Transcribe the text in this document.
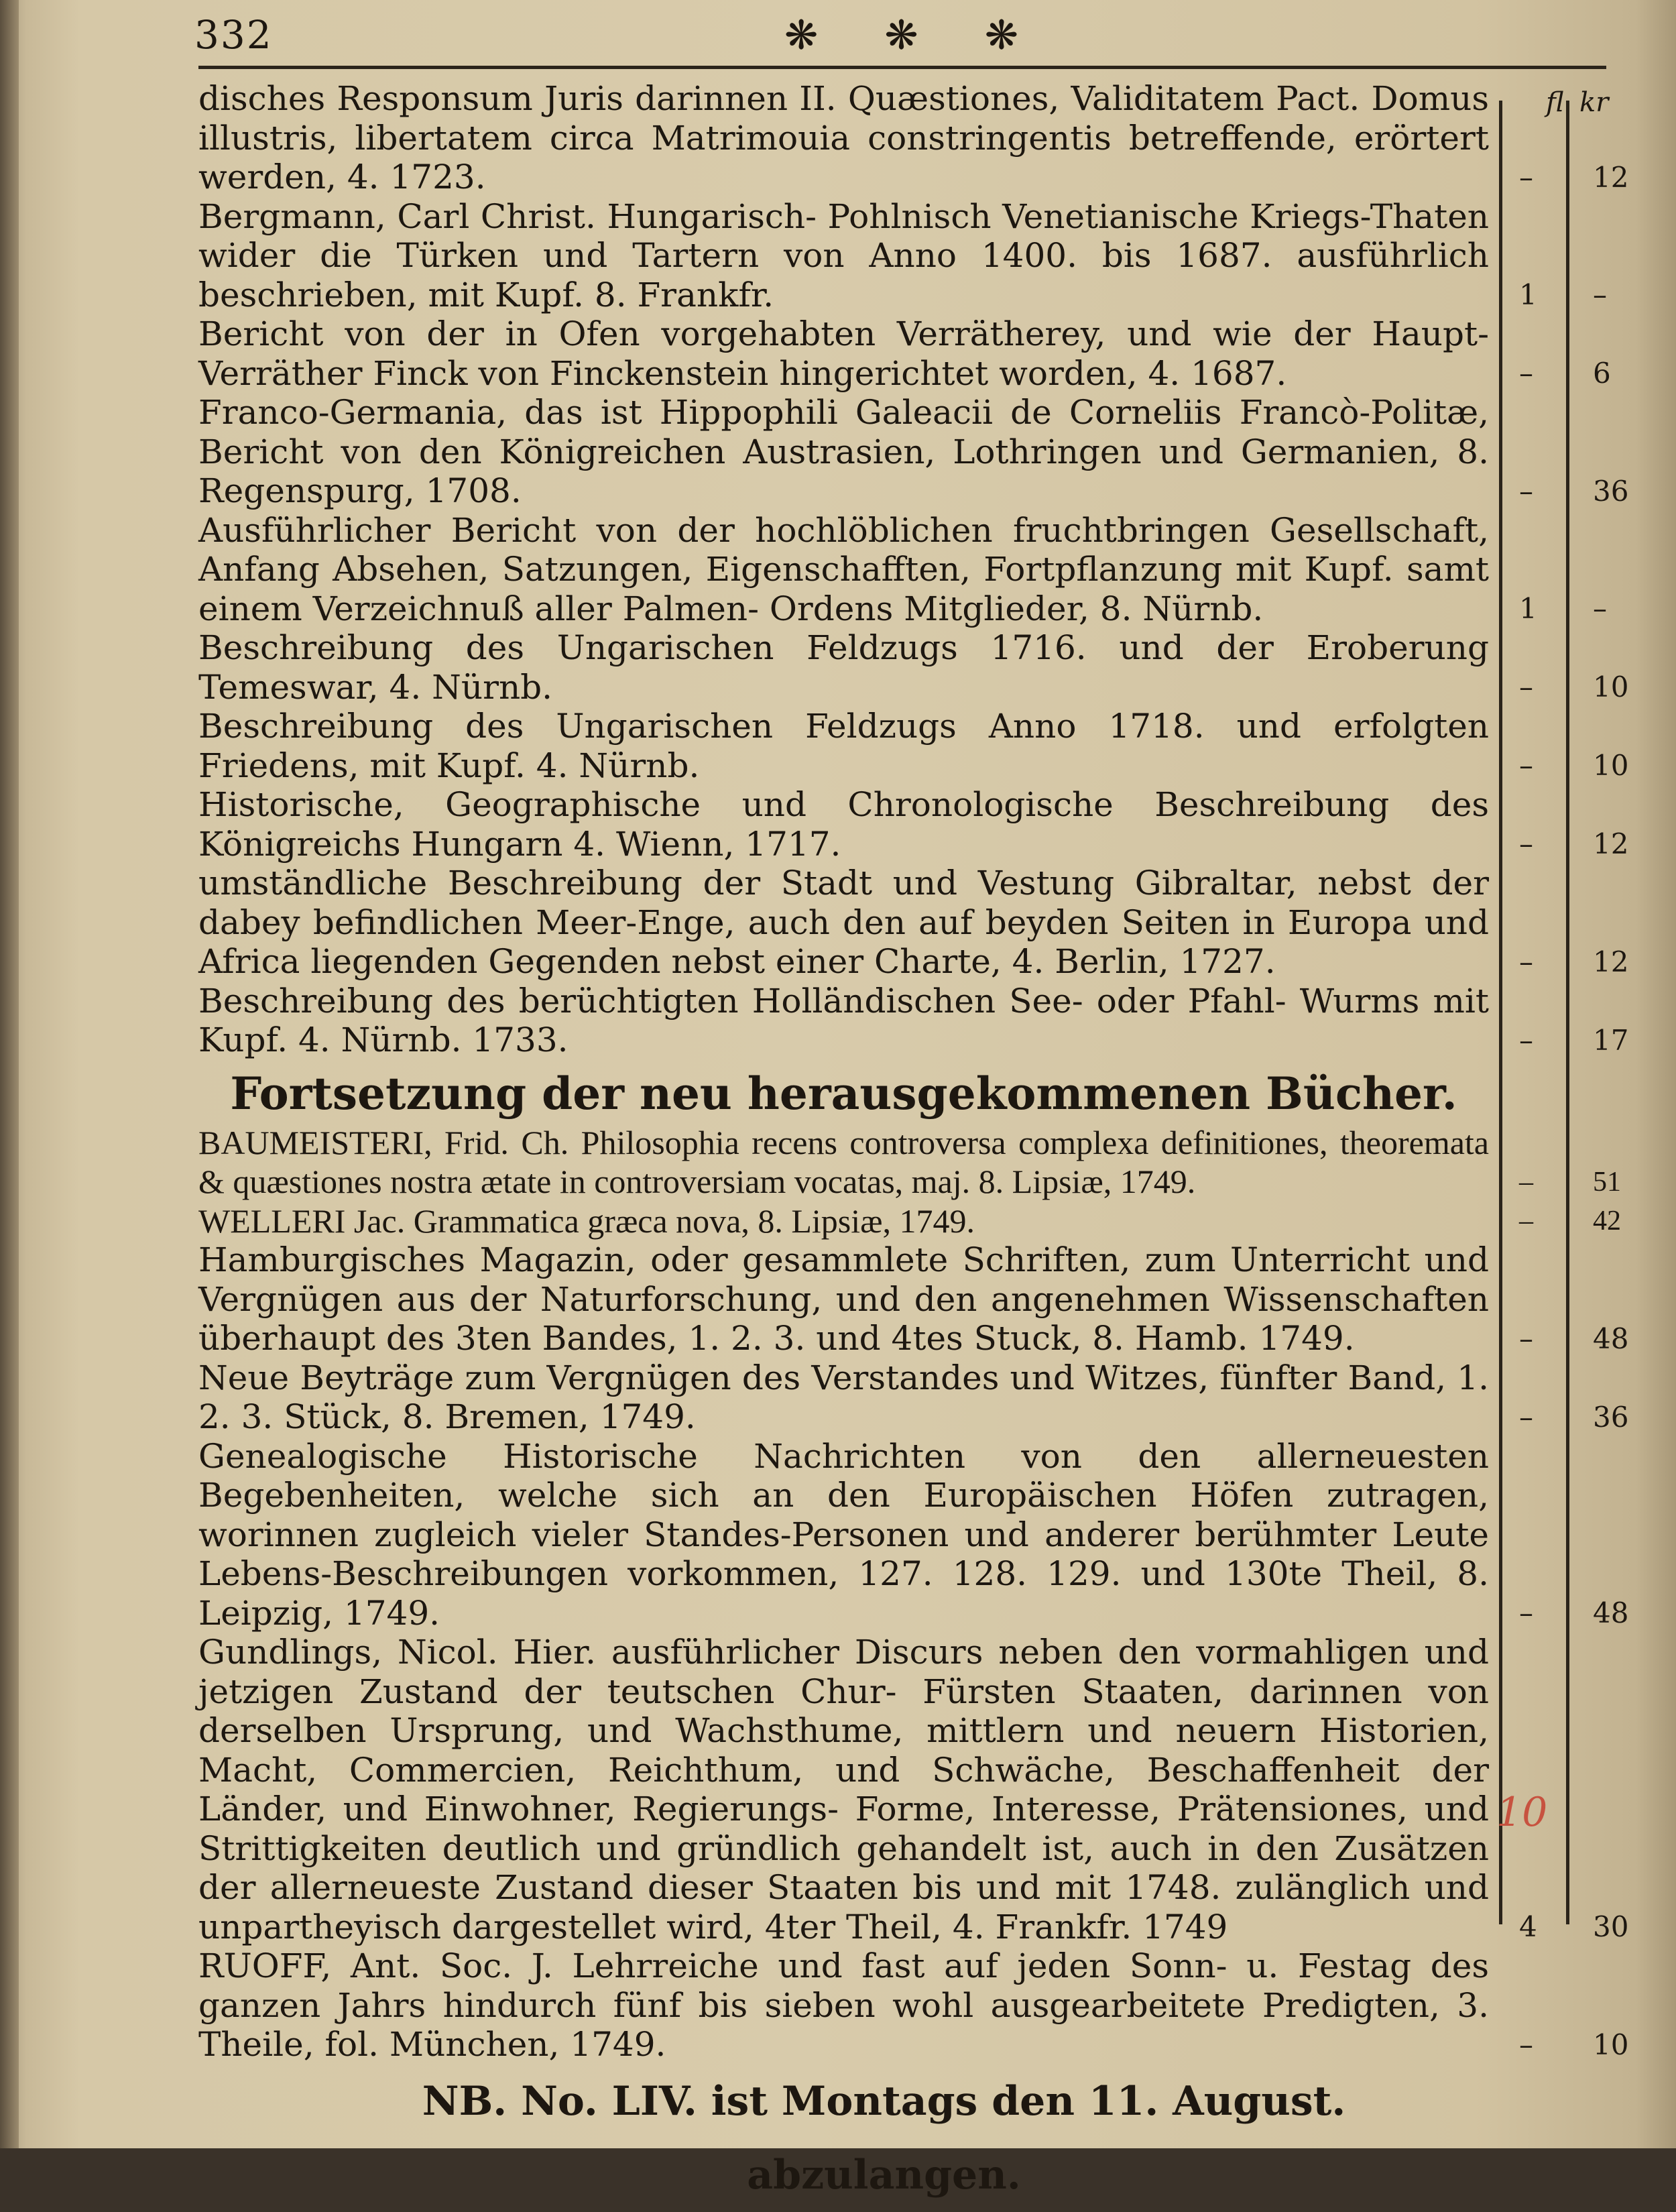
332	❋ ❋ ❋
fl kr

disches Responsum Juris darinnen II. Quæstiones, Validitatem Pact. Domus illustris, libertatem circa Matrimouia constringentis betreffende, erörtert werden, 4. 1723.	–	12

Bergmann, Carl Christ. Hungarisch- Pohlnisch Venetianische Kriegs-Thaten wider die Türken und Tartern von Anno 1400. bis 1687. ausführlich beschrieben, mit Kupf. 8. Frankfr.	1	–

Bericht von der in Ofen vorgehabten Verrätherey, und wie der Haupt-Verräther Finck von Finckenstein hingerichtet worden, 4. 1687.	–	6

Franco-Germania, das ist Hippophili Galeacii de Corneliis Francò-Politæ, Bericht von den Königreichen Austrasien, Lothringen und Germanien, 8. Regenspurg, 1708.	–	36

Ausführlicher Bericht von der hochlöblichen fruchtbringen Gesellschaft, Anfang Absehen, Satzungen, Eigenschafften, Fortpflanzung mit Kupf. samt einem Verzeichnuß aller Palmen- Ordens Mitglieder, 8. Nürnb.	1	–

Beschreibung des Ungarischen Feldzugs 1716. und der Eroberung Temeswar, 4. Nürnb.	–	10

Beschreibung des Ungarischen Feldzugs Anno 1718. und erfolgten Friedens, mit Kupf. 4. Nürnb.	–	10

Historische, Geographische und Chronologische Beschreibung des Königreichs Hungarn 4. Wienn, 1717.	–	12

umständliche Beschreibung der Stadt und Vestung Gibraltar, nebst der dabey befindlichen Meer-Enge, auch den auf beyden Seiten in Europa und Africa liegenden Gegenden nebst einer Charte, 4. Berlin, 1727.	–	12

Beschreibung des berüchtigten Holländischen See- oder Pfahl- Wurms mit Kupf. 4. Nürnb. 1733.	–	17

Fortsetzung der neu herausgekommenen Bücher.

BAUMEISTERI, Frid. Ch. Philosophia recens controversa complexa definitiones, theoremata & quæstiones nostra ætate in controversiam vocatas, maj. 8. Lipsiæ, 1749.	–	51

WELLERI Jac. Grammatica græca nova, 8. Lipsiæ, 1749.	–	42

Hamburgisches Magazin, oder gesammlete Schriften, zum Unterricht und Vergnügen aus der Naturforschung, und den angenehmen Wissenschaften überhaupt des 3ten Bandes, 1. 2. 3. und 4tes Stuck, 8. Hamb. 1749.	–	48

Neue Beyträge zum Vergnügen des Verstandes und Witzes, fünfter Band, 1. 2. 3. Stück, 8. Bremen, 1749.	–	36

Genealogische Historische Nachrichten von den allerneuesten Begebenheiten, welche sich an den Europäischen Höfen zutragen, worinnen zugleich vieler Standes-Personen und anderer berühmter Leute Lebens-Beschreibungen vorkommen, 127. 128. 129. und 130te Theil, 8. Leipzig, 1749.	–	48

Gundlings, Nicol. Hier. ausführlicher Discurs neben den vormahligen und jetzigen Zustand der teutschen Chur- Fürsten Staaten, darinnen von derselben Ursprung, und Wachsthume, mittlern und neuern Historien, Macht, Commercien, Reichthum, und Schwäche, Beschaffenheit der Länder, und Einwohner, Regierungs- Forme, Interesse, Prätensiones, und Strittigkeiten deutlich und gründlich gehandelt ist, auch in den Zusätzen der allerneueste Zustand dieser Staaten bis und mit 1748. zulänglich und unpartheyisch dargestellet wird, 4ter Theil, 4. Frankfr. 1749	4	30

RUOFF, Ant. Soc. J. Lehrreiche und fast auf jeden Sonn- u. Festag des ganzen Jahrs hindurch fünf bis sieben wohl ausgearbeitete Predigten, 3. Theile, fol. München, 1749.	–	10

NB. No. LIV. ist Montags den 11. August. abzulangen.
10
